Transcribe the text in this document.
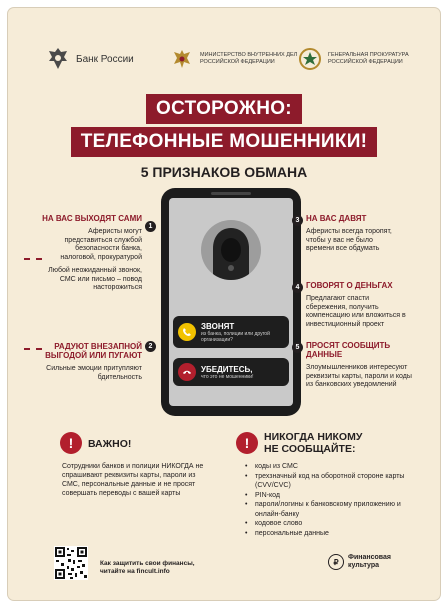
Банк России	МИНИСТЕРСТВО ВНУТРЕННИХ ДЕЛ РОССИЙСКОЙ ФЕДЕРАЦИИ
ГЕНЕРАЛЬНАЯ ПРОКУРАТУРА РОССИЙСКОЙ ФЕДЕРАЦИИ
ОСТОРОЖНО:
ТЕЛЕФОННЫЕ МОШЕННИКИ!
5 ПРИЗНАКОВ ОБМАНА
ЗВОНЯТ
из банка, полиции или другой организации?
УБЕДИТЕСЬ,
что это не мошенники!
НА ВАС ВЫХОДЯТ САМИ
Аферисты могут представиться службой безопасности банка, налоговой, прокуратурой
Любой неожиданный звонок, СМС или письмо – повод насторожиться
1
РАДУЮТ ВНЕЗАПНОЙ ВЫГОДОЙ ИЛИ ПУГАЮТ
Сильные эмоции притупляют бдительность
2
НА ВАС ДАВЯТ
Аферисты всегда торопят, чтобы у вас не было времени все обдумать
3
ГОВОРЯТ О ДЕНЬГАХ
Предлагают спасти сбережения, получить компенсацию или вложиться в инвестиционный проект
4
ПРОСЯТ СООБЩИТЬ ДАННЫЕ
Злоумышленников интересуют реквизиты карты, пароли и коды из банковских уведомлений
5
!	ВАЖНО!
Сотрудники банков и полиции НИКОГДА не спрашивают реквизиты карты, пароли из СМС, персональные данные и не просят совершать переводы с вашей карты
!	НИКОГДА НИКОМУ
НЕ СООБЩАЙТЕ:
• коды из СМС
• трехзначный код на оборотной стороне карты (CVV/CVC)
• PIN-код
• пароли/логины к банковскому приложению и онлайн-банку
• кодовое слово
• персональные данные
Как защитить свои финансы,
читайте на fincult.info
₽	Финансовая
культура
